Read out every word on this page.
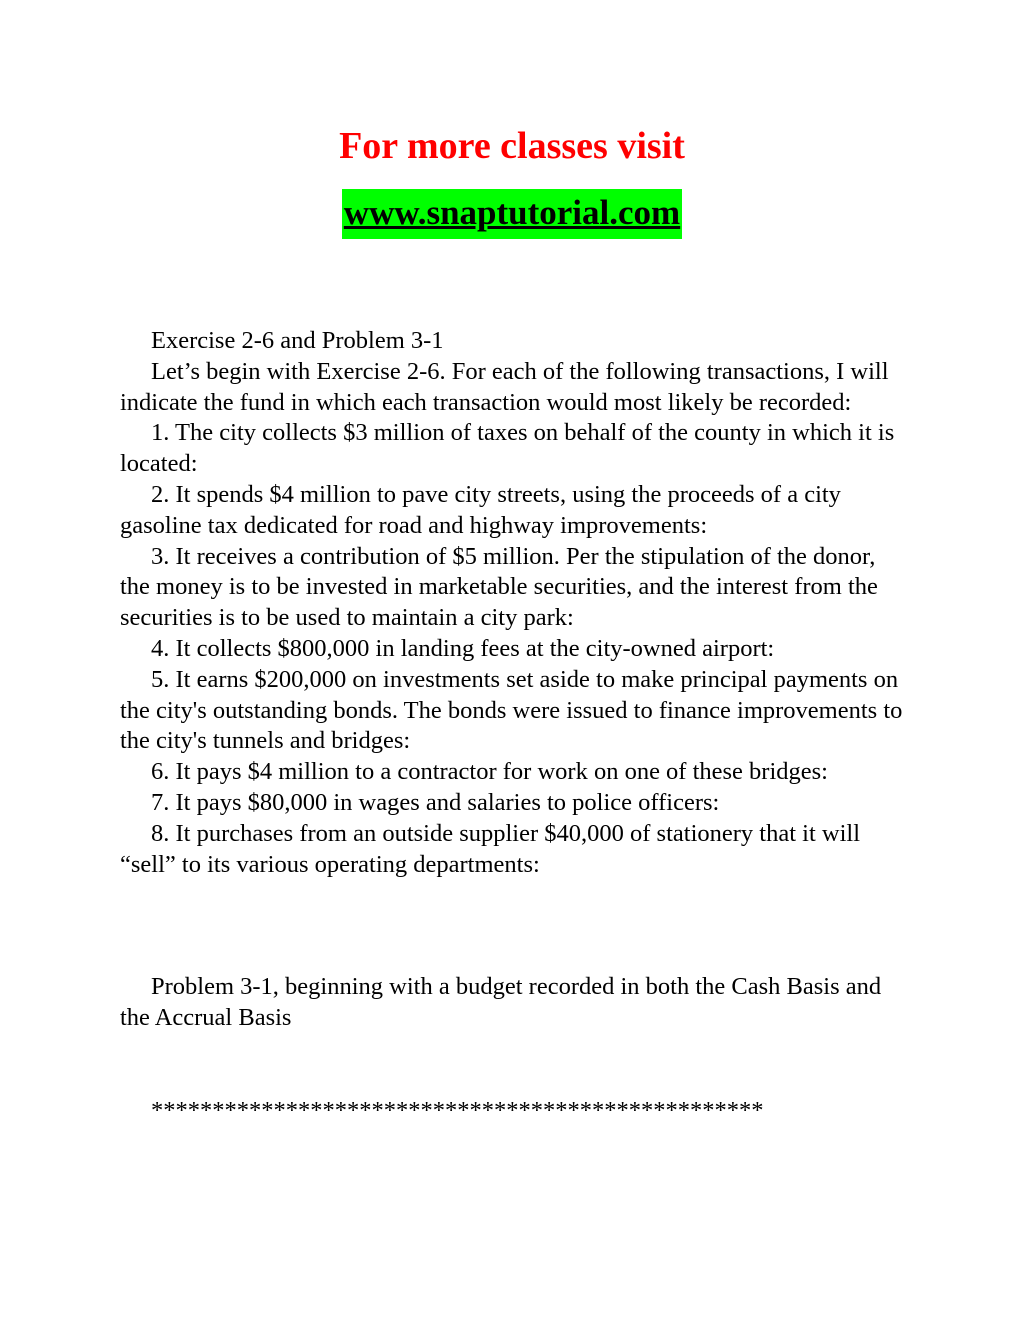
For more classes visit
www.snaptutorial.com

Exercise 2-6 and Problem 3-1

Let’s begin with Exercise 2-6. For each of the following transactions, I will indicate the fund in which each transaction would most likely be recorded:

1. The city collects $3 million of taxes on behalf of the county in which it is located:

2. It spends $4 million to pave city streets, using the proceeds of a city gasoline tax dedicated for road and highway improvements:

3. It receives a contribution of $5 million. Per the stipulation of the donor, the money is to be invested in marketable securities, and the interest from the securities is to be used to maintain a city park:

4. It collects $800,000 in landing fees at the city-owned airport:

5. It earns $200,000 on investments set aside to make principal payments on the city's outstanding bonds. The bonds were issued to finance improvements to the city's tunnels and bridges:

6. It pays $4 million to a contractor for work on one of these bridges:

7. It pays $80,000 in wages and salaries to police officers:

8. It purchases from an outside supplier $40,000 of stationery that it will “sell” to its various operating departments:

Problem 3-1, beginning with a budget recorded in both the Cash Basis and the Accrual Basis

**************************************************
